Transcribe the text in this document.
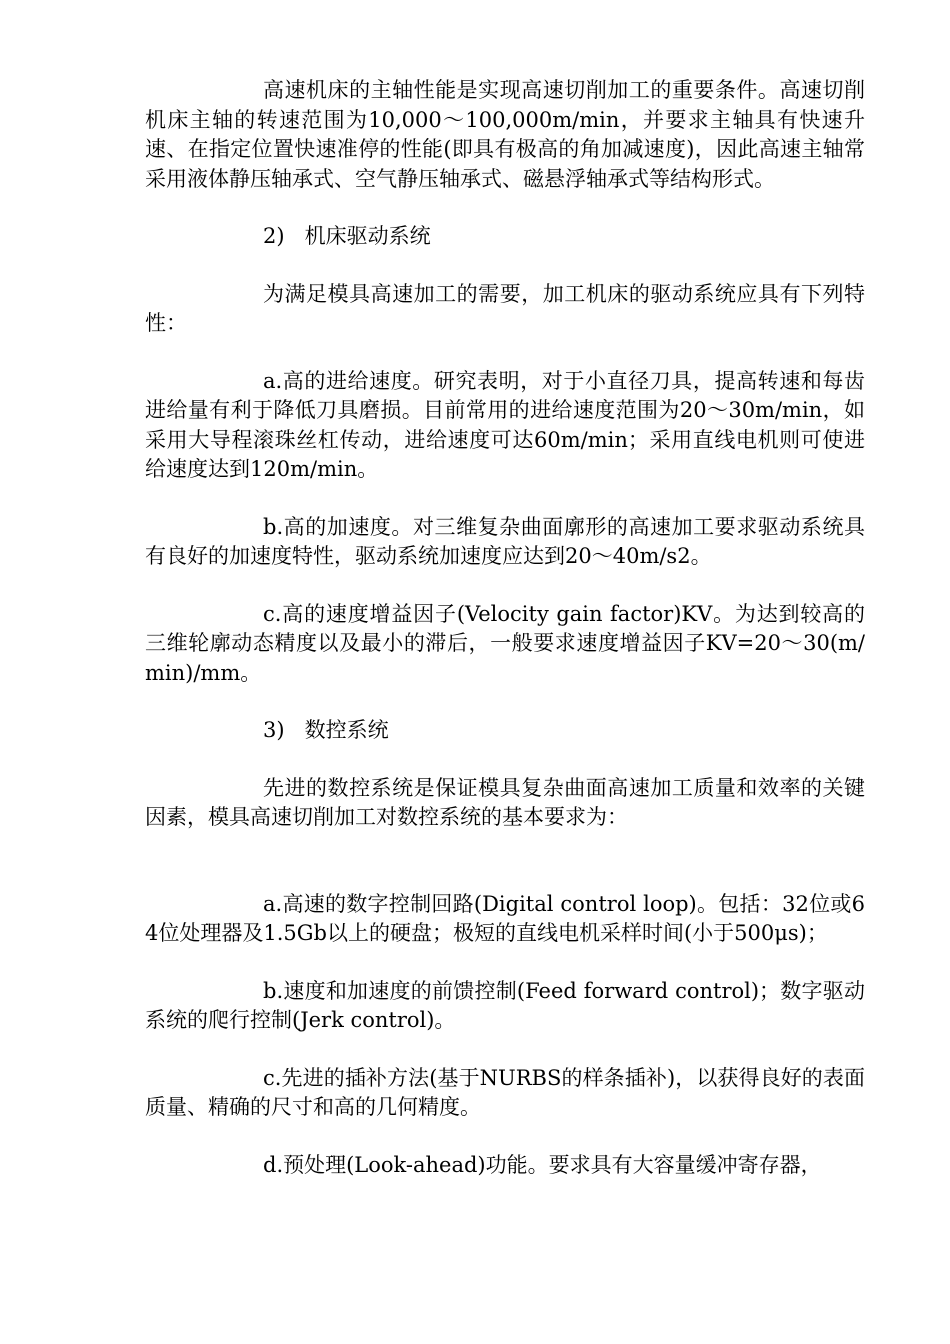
高速机床的主轴性能是实现高速切削加工的重要条件。高速切削机床主轴的转速范围为10,000～100,000m/min，并要求主轴具有快速升速、在指定位置快速准停的性能(即具有极高的角加减速度)，因此高速主轴常采用液体静压轴承式、空气静压轴承式、磁悬浮轴承式等结构形式。

2)   机床驱动系统

为满足模具高速加工的需要，加工机床的驱动系统应具有下列特性：

a.高的进给速度。研究表明，对于小直径刀具，提高转速和每齿进给量有利于降低刀具磨损。目前常用的进给速度范围为20～30m/min，如采用大导程滚珠丝杠传动，进给速度可达60m/min；采用直线电机则可使进给速度达到120m/min。

b.高的加速度。对三维复杂曲面廓形的高速加工要求驱动系统具有良好的加速度特性，驱动系统加速度应达到20～40m/s2。

c.高的速度增益因子(Velocity gain factor)KV。为达到较高的三维轮廓动态精度以及最小的滞后，一般要求速度增益因子KV=20～30(m/min)/mm。

3)   数控系统

先进的数控系统是保证模具复杂曲面高速加工质量和效率的关键因素，模具高速切削加工对数控系统的基本要求为：

a.高速的数字控制回路(Digital control loop)。包括：32位或64位处理器及1.5Gb以上的硬盘；极短的直线电机采样时间(小于500μs)；

b.速度和加速度的前馈控制(Feed forward control)；数字驱动系统的爬行控制(Jerk control)。

c.先进的插补方法(基于NURBS的样条插补)，以获得良好的表面质量、精确的尺寸和高的几何精度。

d.预处理(Look-ahead)功能。要求具有大容量缓冲寄存器，
